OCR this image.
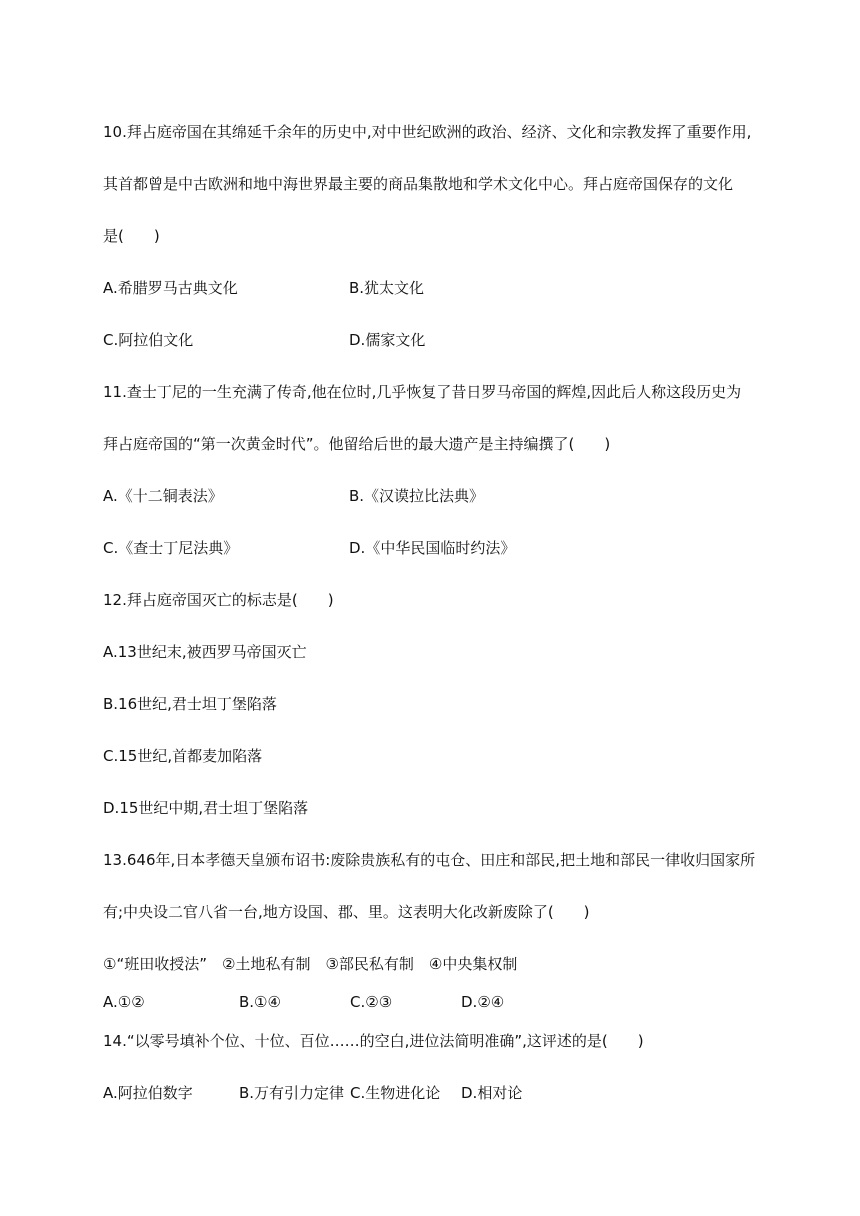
10.拜占庭帝国在其绵延千余年的历史中,对中世纪欧洲的政治、经济、文化和宗教发挥了重要作用,
其首都曾是中古欧洲和地中海世界最主要的商品集散地和学术文化中心。拜占庭帝国保存的文化
是(　　)
A.希腊罗马古典文化	B.犹太文化
C.阿拉伯文化	D.儒家文化
11.查士丁尼的一生充满了传奇,他在位时,几乎恢复了昔日罗马帝国的辉煌,因此后人称这段历史为
拜占庭帝国的“第一次黄金时代”。他留给后世的最大遗产是主持编撰了(　　)
A.《十二铜表法》	B.《汉谟拉比法典》
C.《查士丁尼法典》	D.《中华民国临时约法》
12.拜占庭帝国灭亡的标志是(　　)
A.13世纪末,被西罗马帝国灭亡
B.16世纪,君士坦丁堡陷落
C.15世纪,首都麦加陷落
D.15世纪中期,君士坦丁堡陷落
13.646年,日本孝德天皇颁布诏书:废除贵族私有的屯仓、田庄和部民,把土地和部民一律收归国家所
有;中央设二官八省一台,地方设国、郡、里。这表明大化改新废除了(　　)
①“班田收授法”　②土地私有制　③部民私有制　④中央集权制
A.①②	B.①④	C.②③	D.②④
14.“以零号填补个位、十位、百位……的空白,进位法简明准确”,这评述的是(　　)
A.阿拉伯数字	B.万有引力定律 C.生物进化论 D.相对论
